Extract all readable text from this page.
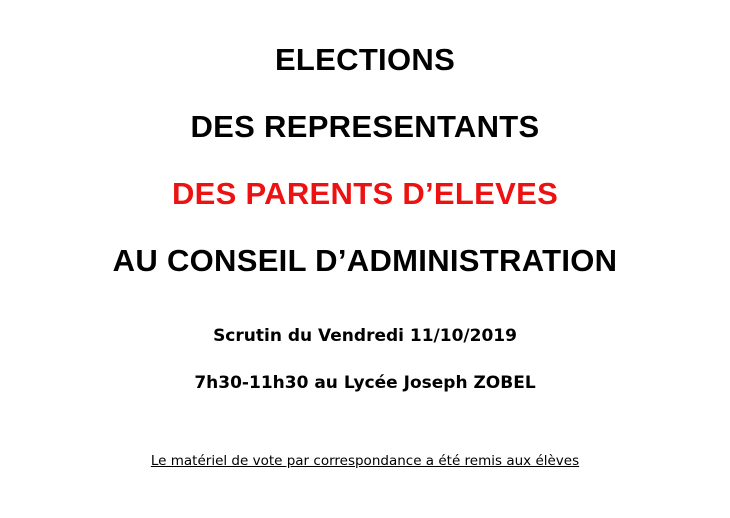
ELECTIONS
DES REPRESENTANTS
DES PARENTS D’ELEVES
AU CONSEIL D’ADMINISTRATION
Scrutin du Vendredi 11/10/2019
7h30-11h30 au Lycée Joseph ZOBEL
Le matériel de vote par correspondance a été remis aux élèves
